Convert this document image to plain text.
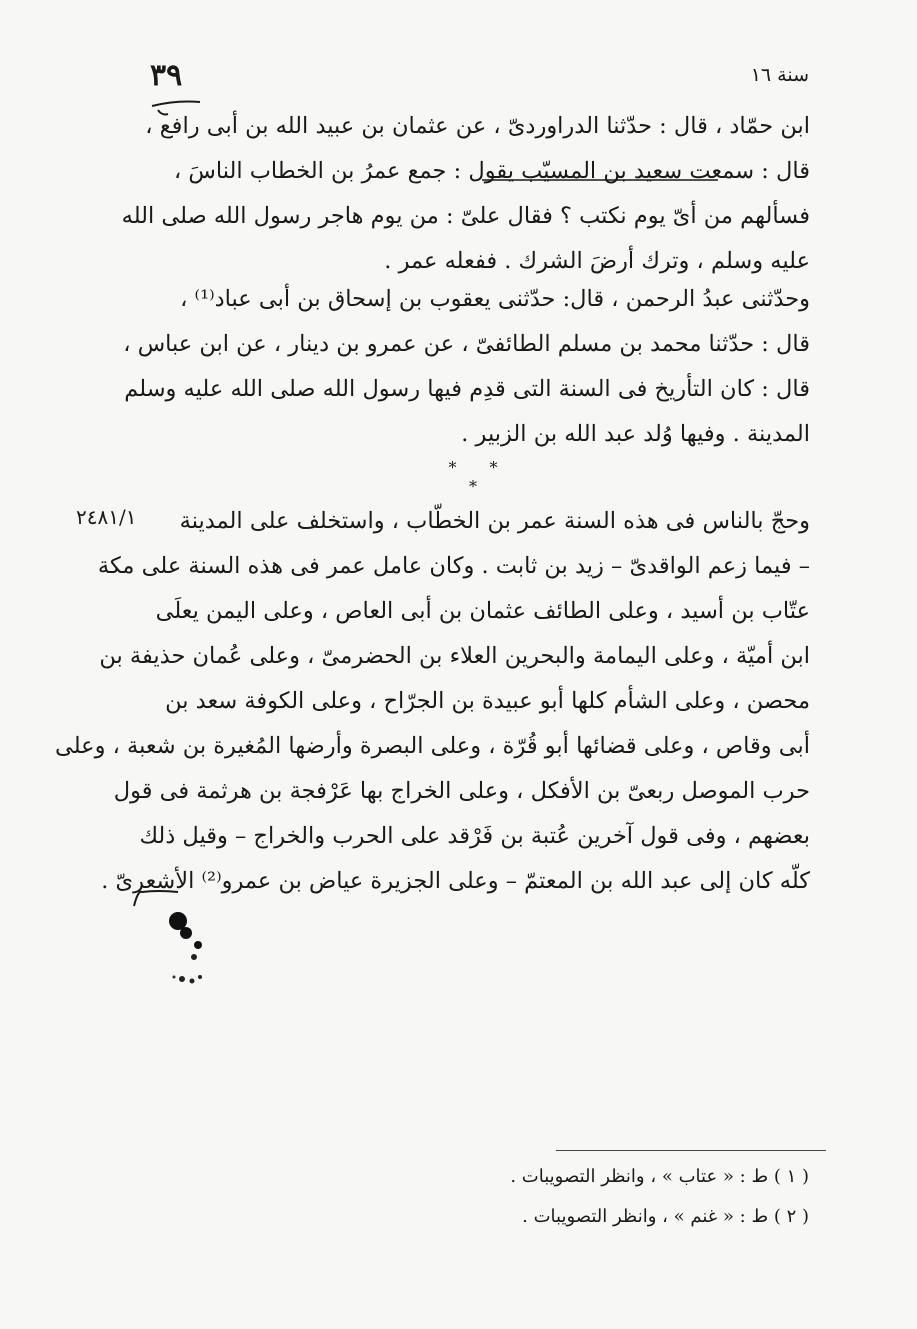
٣٩	سنة ١٦
ابن حمّاد ، قال : حدّثنا الدراوردىّ ، عن عثمان بن عبيد الله بن أبى رافع ،
قال : سمعت سعيد بن المسيّب يقول : جمع عمرُ بن الخطاب الناسَ ،
فسألهم من أىّ يوم نكتب ؟ فقال علىّ : من يوم هاجر رسول الله صلى الله
عليه وسلم ، وترك أرضَ الشرك . ففعله عمر .
وحدّثنى عبدُ الرحمن ، قال: حدّثنى يعقوب بن إسحاق بن أبى عباد⁽¹⁾ ،
قال : حدّثنا محمد بن مسلم الطائفىّ ، عن عمرو بن دينار ، عن ابن عباس ،
قال : كان التأريخ فى السنة التى قدِم فيها رسول الله صلى الله عليه وسلم
المدينة . وفيها وُلد عبد الله بن الزبير .
* * *
٢٤٨١/١	وحجّ بالناس فى هذه السنة عمر بن الخطّاب ، واستخلف على المدينة
– فيما زعم الواقدىّ – زيد بن ثابت . وكان عامل عمر فى هذه السنة على مكة
عتّاب بن أسيد ، وعلى الطائف عثمان بن أبى العاص ، وعلى اليمن يعلَى
ابن أميّة ، وعلى اليمامة والبحرين العلاء بن الحضرمىّ ، وعلى عُمان حذيفة بن
محصن ، وعلى الشأم كلها أبو عبيدة بن الجرّاح ، وعلى الكوفة سعد بن
أبى وقاص ، وعلى قضائها أبو قُرّة ، وعلى البصرة وأرضها المُغيرة بن شعبة ، وعلى
حرب الموصل ربعىّ بن الأفكل ، وعلى الخراج بها عَرْفجة بن هرثمة فى قول
بعضهم ، وفى قول آخرين عُتبة بن فَرْقد على الحرب والخراج – وقيل ذلك
كلّه كان إلى عبد الله بن المعتمّ – وعلى الجزيرة عياض بن عمرو⁽²⁾ الأشعرىّ .
( ١ ) ط : « عتاب » ، وانظر التصويبات .
( ٢ ) ط : « غنم » ، وانظر التصويبات .
